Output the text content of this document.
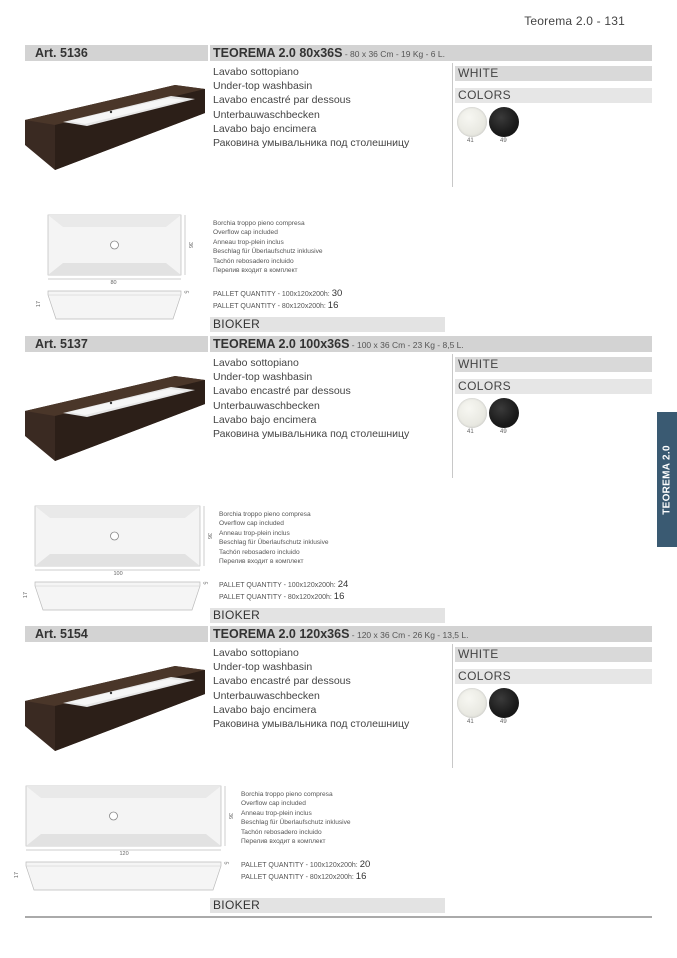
Teorema 2.0 - 131
TEOREMA 2.0
Art. 5136	TEOREMA 2.0 80x36S - 80 x 36 Cm - 19 Kg - 6 L.
Lavabo sottopiano
Under-top washbasin
Lavabo encastré par dessous
Unterbauwaschbecken
Lavabo bajo encimera
Раковина умывальника под столешницу
WHITE
COLORS
41	49
80
36
17
5
Borchia troppo pieno compresa
Overflow cap included
Anneau trop-plein inclus
Beschlag für Überlaufschutz inklusive
Tachón rebosadero incluido
Перелив входит в комплект
PALLET QUANTITY - 100x120x200h: 30
PALLET QUANTITY - 80x120x200h: 16
BIOKER
Art. 5137	TEOREMA 2.0 100x36S - 100 x 36 Cm - 23 Kg - 8,5 L.
Lavabo sottopiano
Under-top washbasin
Lavabo encastré par dessous
Unterbauwaschbecken
Lavabo bajo encimera
Раковина умывальника под столешницу
WHITE
COLORS
41	49
100
36
17
5
Borchia troppo pieno compresa
Overflow cap included
Anneau trop-plein inclus
Beschlag für Überlaufschutz inklusive
Tachón rebosadero incluido
Перелив входит в комплект
PALLET QUANTITY - 100x120x200h: 24
PALLET QUANTITY - 80x120x200h: 16
BIOKER
Art. 5154	TEOREMA 2.0 120x36S - 120 x 36 Cm - 26 Kg - 13,5 L.
Lavabo sottopiano
Under-top washbasin
Lavabo encastré par dessous
Unterbauwaschbecken
Lavabo bajo encimera
Раковина умывальника под столешницу
WHITE
COLORS
41	49
120
36
17
5
Borchia troppo pieno compresa
Overflow cap included
Anneau trop-plein inclus
Beschlag für Überlaufschutz inklusive
Tachón rebosadero incluido
Перелив входит в комплект
PALLET QUANTITY - 100x120x200h: 20
PALLET QUANTITY - 80x120x200h: 16
BIOKER
